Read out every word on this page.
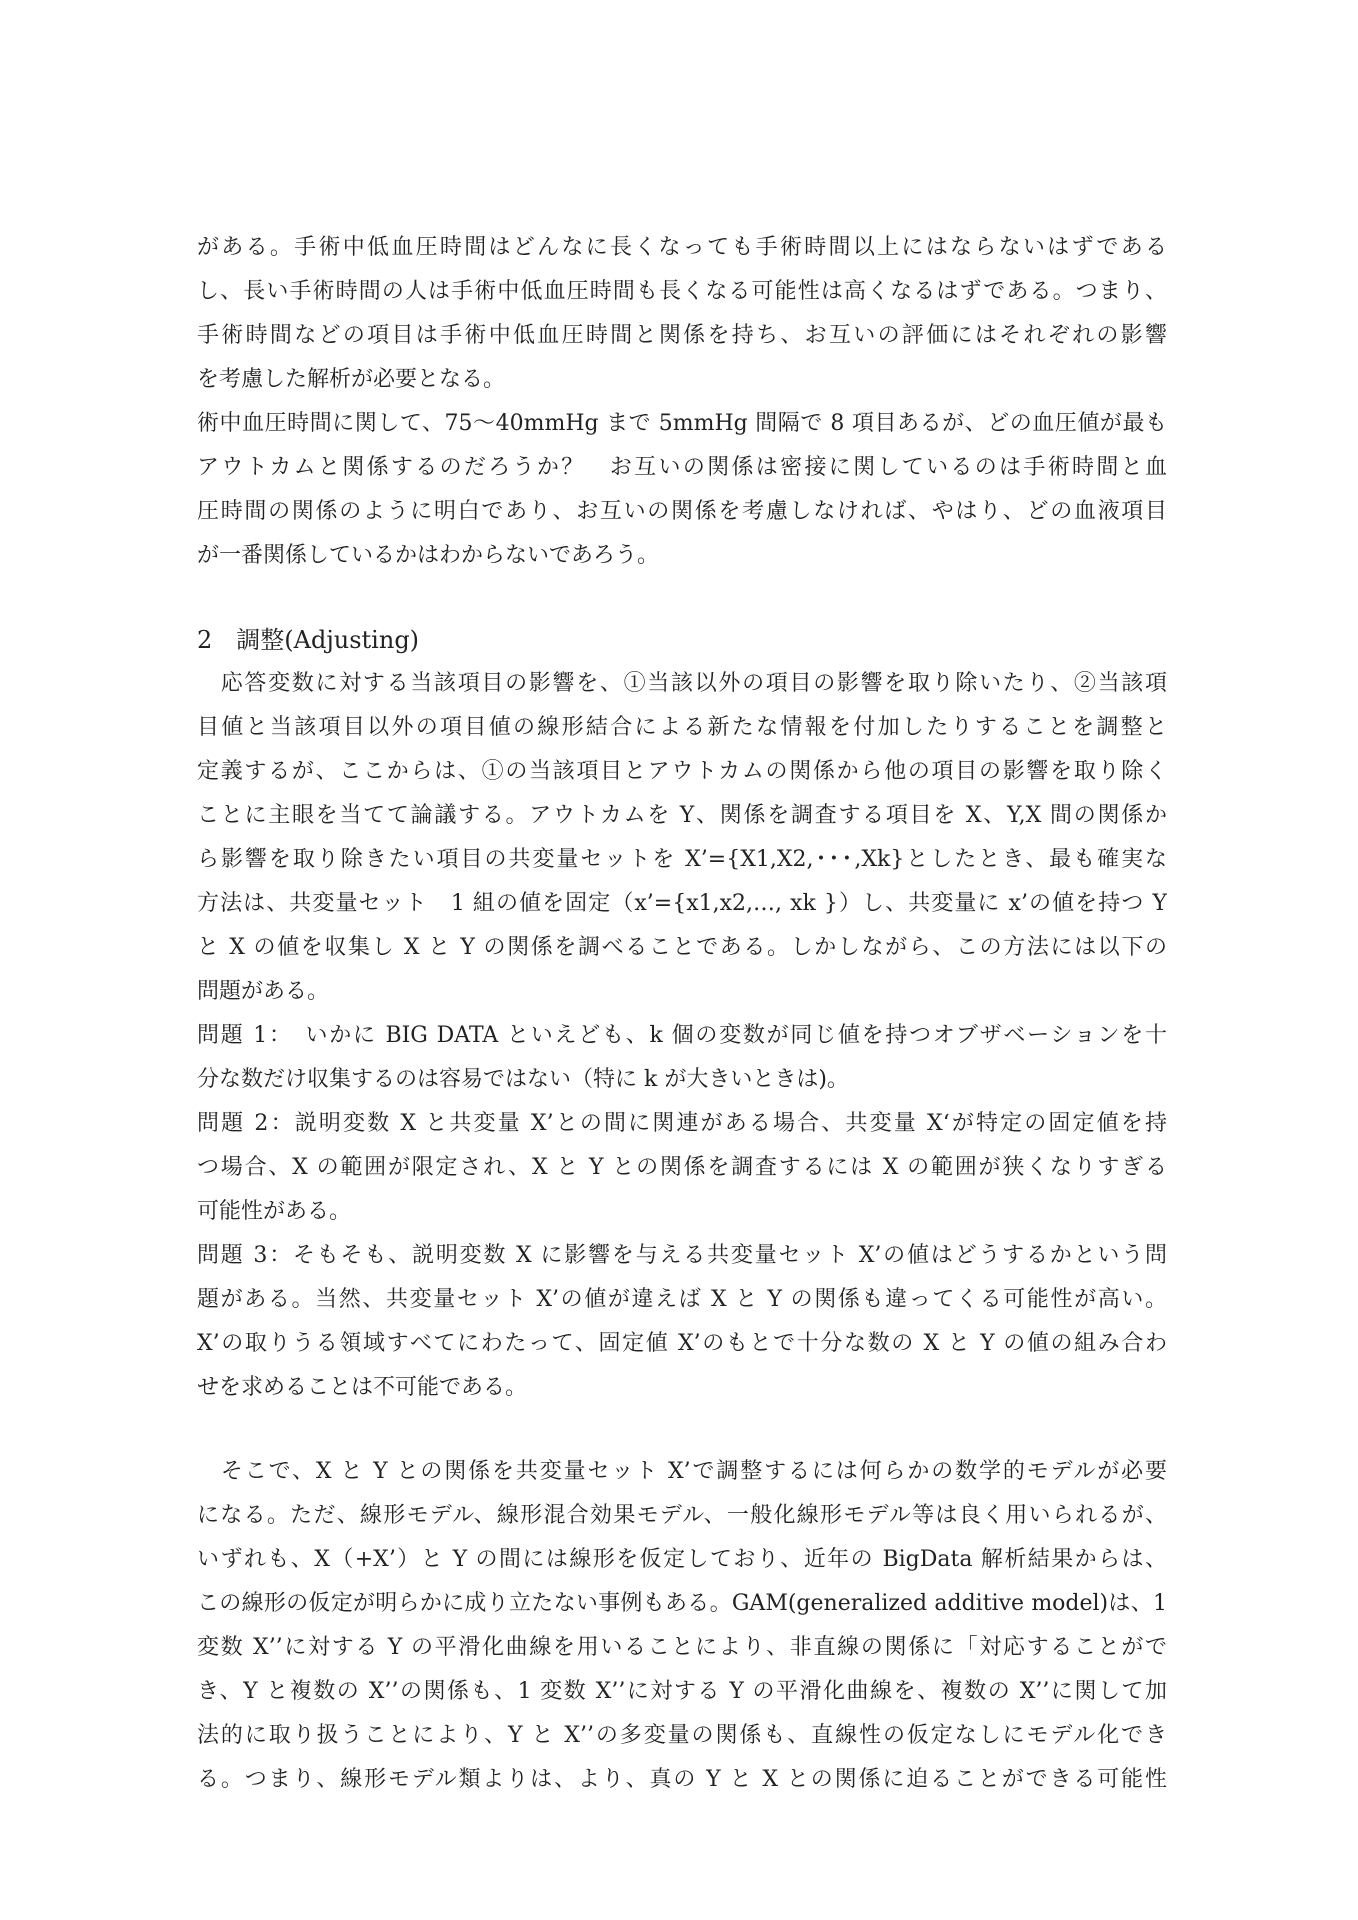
がある。手術中低血圧時間はどんなに長くなっても手術時間以上にはならないはずである
し、長い手術時間の人は手術中低血圧時間も長くなる可能性は高くなるはずである。つまり、
手術時間などの項目は手術中低血圧時間と関係を持ち、お互いの評価にはそれぞれの影響
を考慮した解析が必要となる。
術中血圧時間に関して、75〜40mmHg まで 5mmHg 間隔で 8 項目あるが、どの血圧値が最も
アウトカムと関係するのだろうか？　お互いの関係は密接に関しているのは手術時間と血
圧時間の関係のように明白であり、お互いの関係を考慮しなければ、やはり、どの血液項目
が一番関係しているかはわからないであろう。
2　調整(Adjusting)
　応答変数に対する当該項目の影響を、①当該以外の項目の影響を取り除いたり、②当該項
目値と当該項目以外の項目値の線形結合による新たな情報を付加したりすることを調整と
定義するが、ここからは、①の当該項目とアウトカムの関係から他の項目の影響を取り除く
ことに主眼を当てて論議する。アウトカムを Y、関係を調査する項目を X、Y,X 間の関係か
ら影響を取り除きたい項目の共変量セットを X’={X1,X2,･･･,Xk}としたとき、最も確実な
方法は、共変量セット　1 組の値を固定（x’={x1,x2,…, xk }）し、共変量に x’の値を持つ Y
と X の値を収集し X と Y の関係を調べることである。しかしながら、この方法には以下の
問題がある。
問題 1：　いかに BIG DATA といえども、k 個の変数が同じ値を持つオブザベーションを十
分な数だけ収集するのは容易ではない（特に k が大きいときは)。
問題 2：説明変数 X と共変量 X’との間に関連がある場合、共変量 X‘が特定の固定値を持
つ場合、X の範囲が限定され、X と Y との関係を調査するには X の範囲が狭くなりすぎる
可能性がある。
問題 3：そもそも、説明変数 X に影響を与える共変量セット X’の値はどうするかという問
題がある。当然、共変量セット X’の値が違えば X と Y の関係も違ってくる可能性が高い。
X’の取りうる領域すべてにわたって、固定値 X’のもとで十分な数の X と Y の値の組み合わ
せを求めることは不可能である。
　そこで、X と Y との関係を共変量セット X’で調整するには何らかの数学的モデルが必要
になる。ただ、線形モデル、線形混合効果モデル、一般化線形モデル等は良く用いられるが、
いずれも、X（+X’）と Y の間には線形を仮定しており、近年の BigData 解析結果からは、
この線形の仮定が明らかに成り立たない事例もある。GAM(generalized additive model)は、1
変数 X’’に対する Y の平滑化曲線を用いることにより、非直線の関係に「対応することがで
き、Y と複数の X’’の関係も、1 変数 X’’に対する Y の平滑化曲線を、複数の X’’に関して加
法的に取り扱うことにより、Y と X’’の多変量の関係も、直線性の仮定なしにモデル化でき
る。つまり、線形モデル類よりは、より、真の Y と X との関係に迫ることができる可能性
